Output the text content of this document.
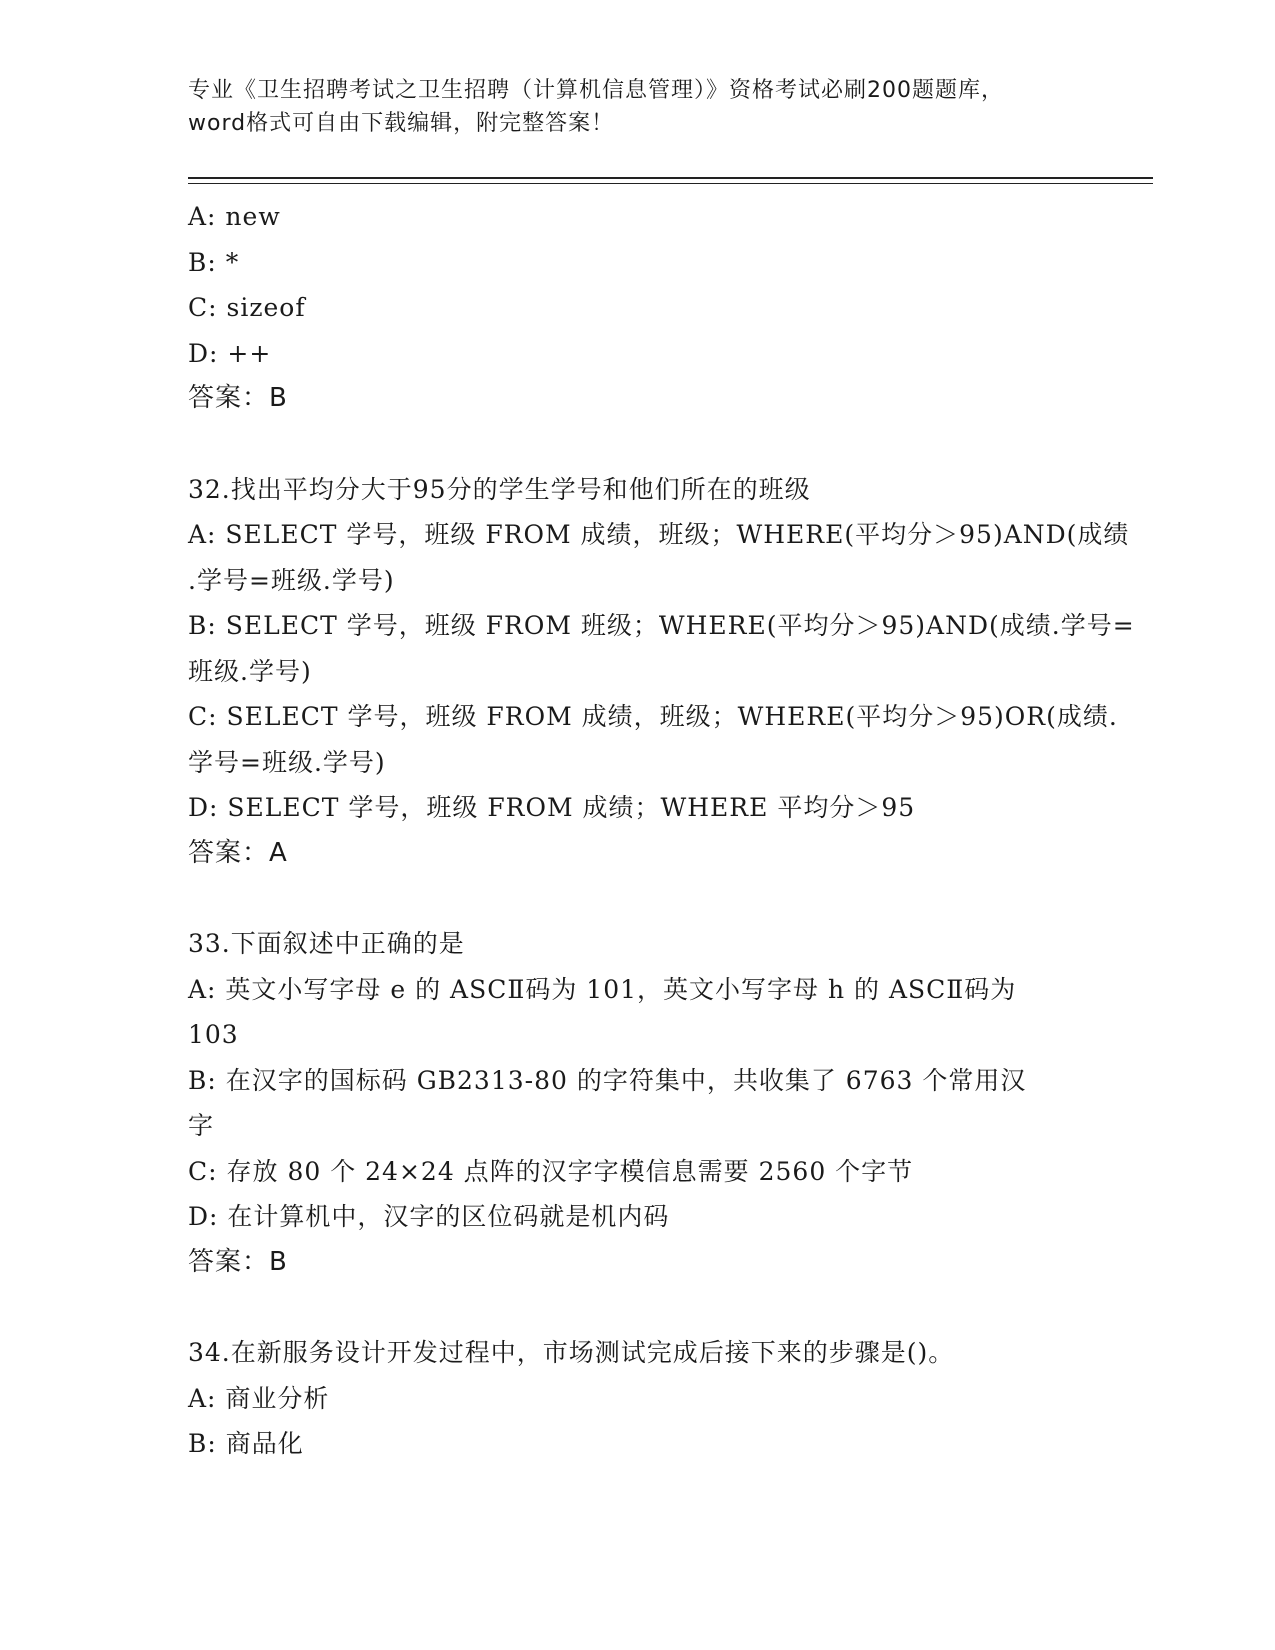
专业《卫生招聘考试之卫生招聘（计算机信息管理）》资格考试必刷200题题库，
word格式可自由下载编辑，附完整答案！
A: new
B: *
C: sizeof
D: ++
答案：B
32.找出平均分大于95分的学生学号和他们所在的班级
A: SELECT 学号，班级 FROM 成绩，班级；WHERE(平均分＞95)AND(成绩
.学号=班级.学号)
B: SELECT 学号，班级 FROM 班级；WHERE(平均分＞95)AND(成绩.学号=
班级.学号)
C: SELECT 学号，班级 FROM 成绩，班级；WHERE(平均分＞95)OR(成绩.
学号=班级.学号)
D: SELECT 学号，班级 FROM 成绩；WHERE 平均分＞95
答案：A
33.下面叙述中正确的是
A: 英文小写字母 e 的 ASCⅡ码为 101，英文小写字母 h 的 ASCⅡ码为
103
B: 在汉字的国标码 GB2313-80 的字符集中，共收集了 6763 个常用汉
字
C: 存放 80 个 24×24 点阵的汉字字模信息需要 2560 个字节
D: 在计算机中，汉字的区位码就是机内码
答案：B
34.在新服务设计开发过程中，市场测试完成后接下来的步骤是()。
A: 商业分析
B: 商品化
